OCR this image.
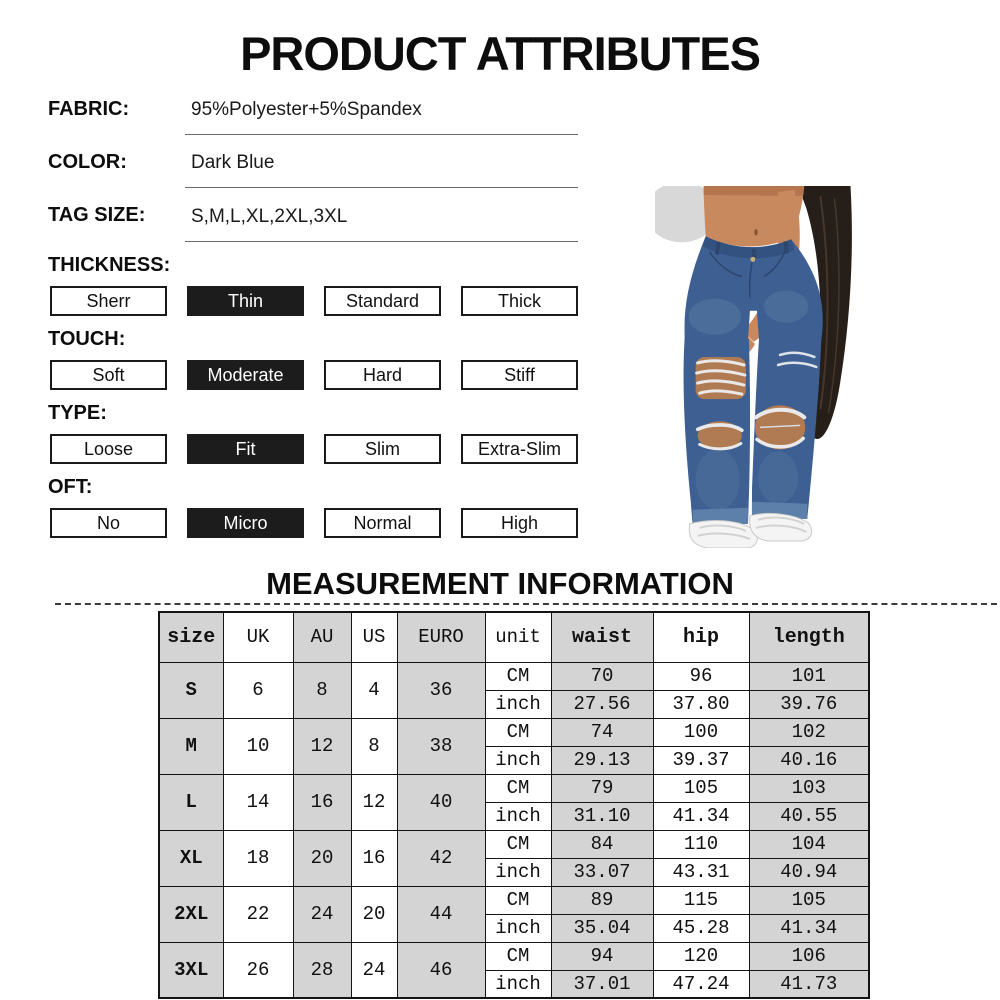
PRODUCT ATTRIBUTES
FABRIC:	95%Polyester+5%Spandex
COLOR:	Dark Blue
TAG SIZE: S,M,L,XL,2XL,3XL
THICKNESS:
Sherr	Thin	Standard	Thick
TOUCH:
Soft	Moderate	Hard	Stiff
TYPE:
Loose	Fit	Slim	Extra-Slim
OFT:
No	Micro	Normal	High
MEASUREMENT INFORMATION
size	UK	AU	US	EURO	unit	waist	hip	length
S	6	8	4	36	CM	70	96	101
					inch	27.56	37.80	39.76
M	10	12	8	38	CM	74	100	102
					inch	29.13	39.37	40.16
L	14	16	12	40	CM	79	105	103
					inch	31.10	41.34	40.55
XL	18	20	16	42	CM	84	110	104
					inch	33.07	43.31	40.94
2XL	22	24	20	44	CM	89	115	105
					inch	35.04	45.28	41.34
3XL	26	28	24	46	CM	94	120	106
					inch	37.01	47.24	41.73
